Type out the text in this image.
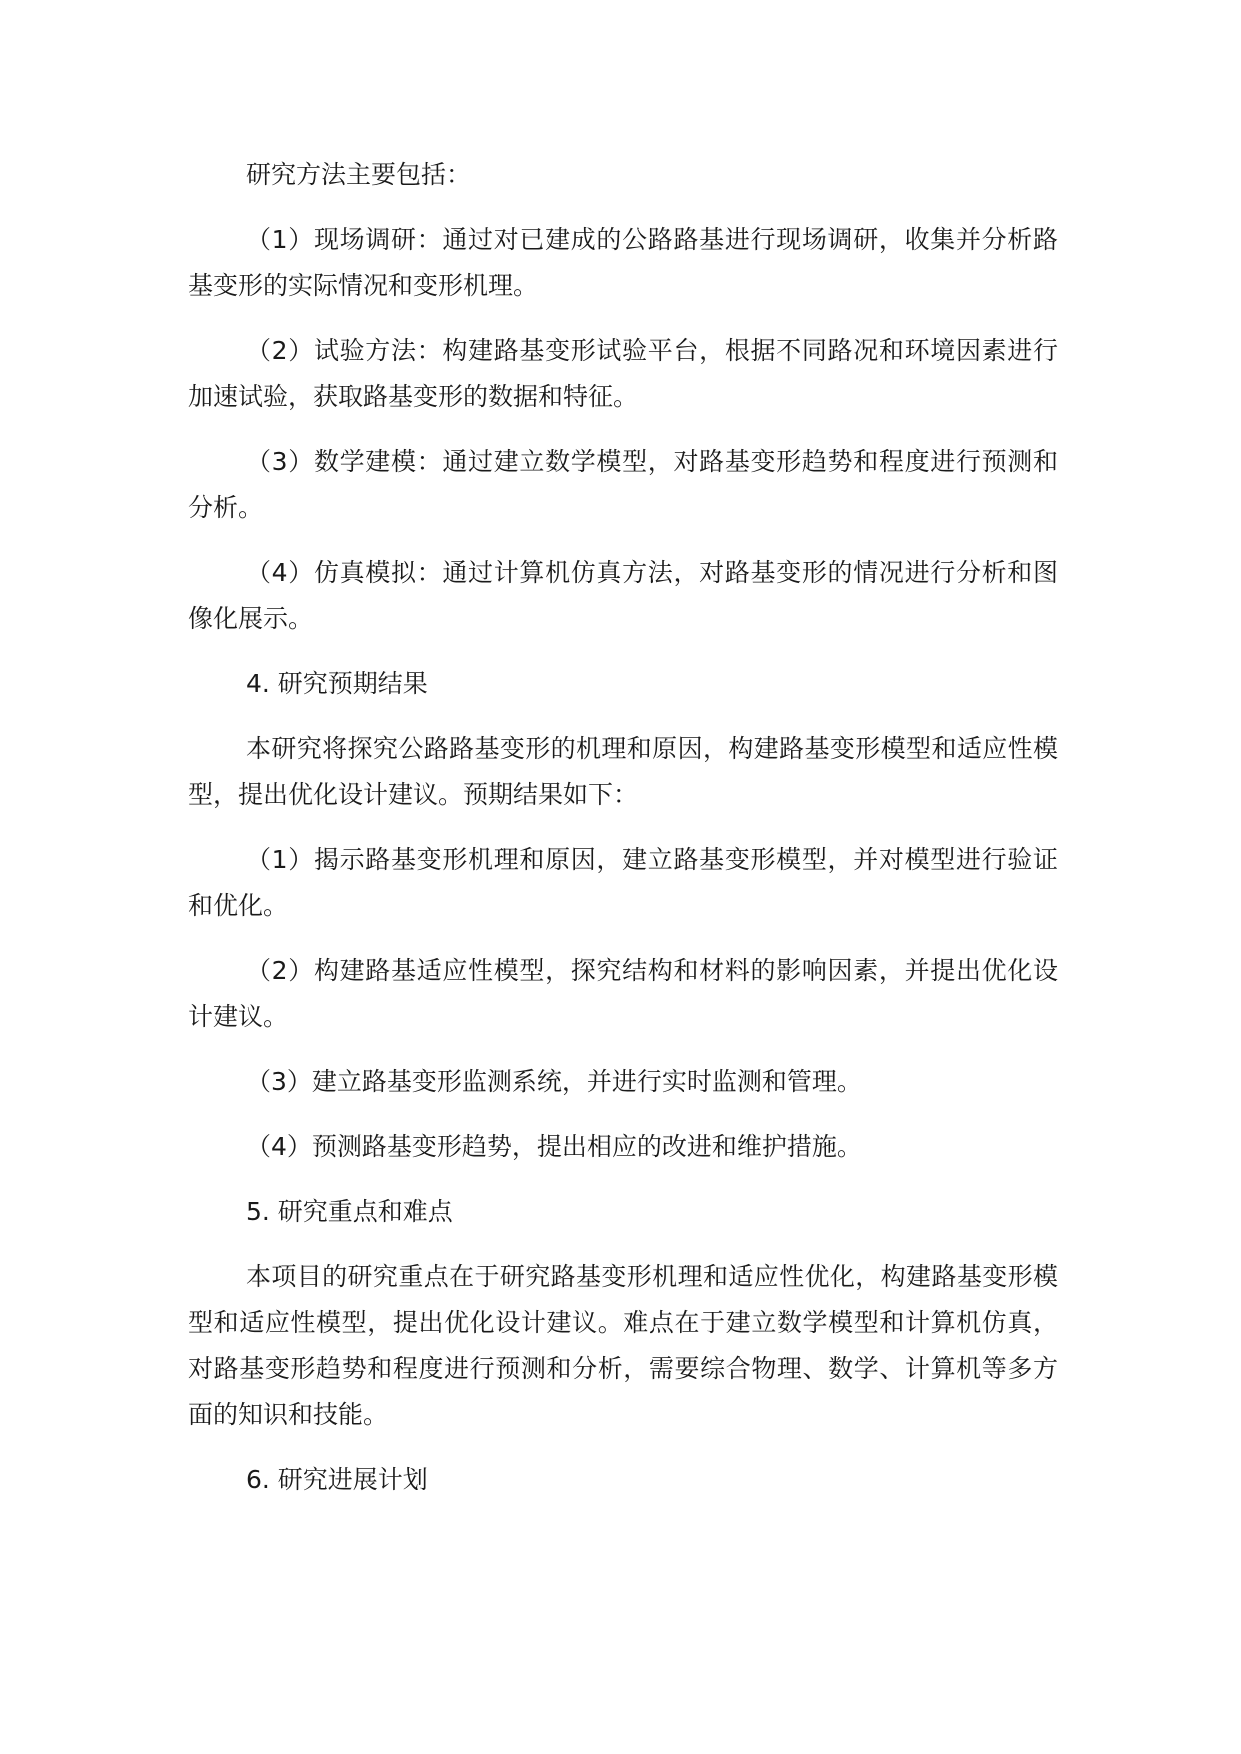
研究方法主要包括：

（1）现场调研：通过对已建成的公路路基进行现场调研，收集并分析路基变形的实际情况和变形机理。

（2）试验方法：构建路基变形试验平台，根据不同路况和环境因素进行加速试验，获取路基变形的数据和特征。

（3）数学建模：通过建立数学模型，对路基变形趋势和程度进行预测和分析。

（4）仿真模拟：通过计算机仿真方法，对路基变形的情况进行分析和图像化展示。

4. 研究预期结果

本研究将探究公路路基变形的机理和原因，构建路基变形模型和适应性模型，提出优化设计建议。预期结果如下：

（1）揭示路基变形机理和原因，建立路基变形模型，并对模型进行验证和优化。

（2）构建路基适应性模型，探究结构和材料的影响因素，并提出优化设计建议。

（3）建立路基变形监测系统，并进行实时监测和管理。

（4）预测路基变形趋势，提出相应的改进和维护措施。

5. 研究重点和难点

本项目的研究重点在于研究路基变形机理和适应性优化，构建路基变形模型和适应性模型，提出优化设计建议。难点在于建立数学模型和计算机仿真，对路基变形趋势和程度进行预测和分析，需要综合物理、数学、计算机等多方面的知识和技能。

6. 研究进展计划
